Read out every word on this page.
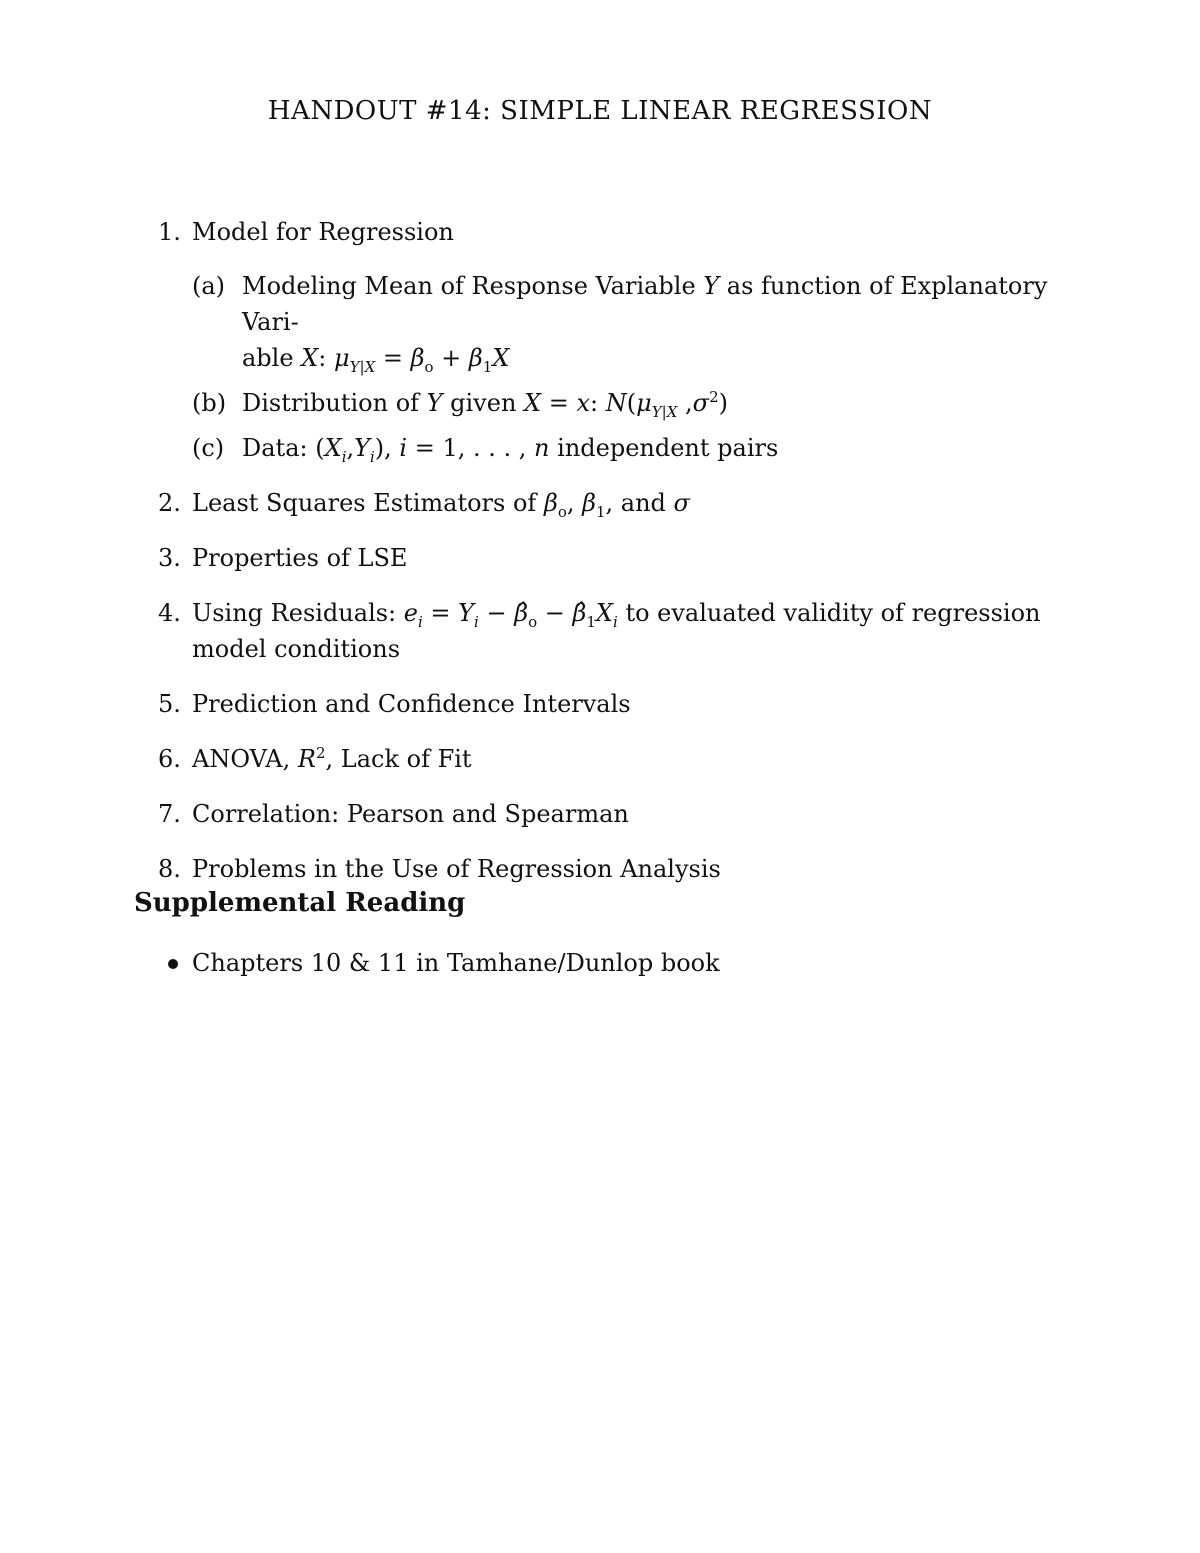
HANDOUT #14: SIMPLE LINEAR REGRESSION
1. Model for Regression
(a) Modeling Mean of Response Variable Y as function of Explanatory Vari-
able X: $\mu_{Y|X} = \beta_o + \beta_1X$
(b) Distribution of Y given X = x: $N(\mu_{Y|X}$ $,\sigma^2$)
(c) Data: $(X_i,Y_i)$, i = 1, . . . , n independent pairs
2. Least Squares Estimators of $\beta_o$, $\beta_1$, and σ
3. Properties of LSE
4. Using Residuals: $e_i = Y_i$ − $\betâ_o$ − $\betâ_1X_i$ to evaluated validity of regression model conditions
5. Prediction and Confidence Intervals
6. ANOVA, $R^2$, Lack of Fit
7. Correlation: Pearson and Spearman
8. Problems in the Use of Regression Analysis
Supplemental Reading
Chapters 10 & 11 in Tamhane/Dunlop book
